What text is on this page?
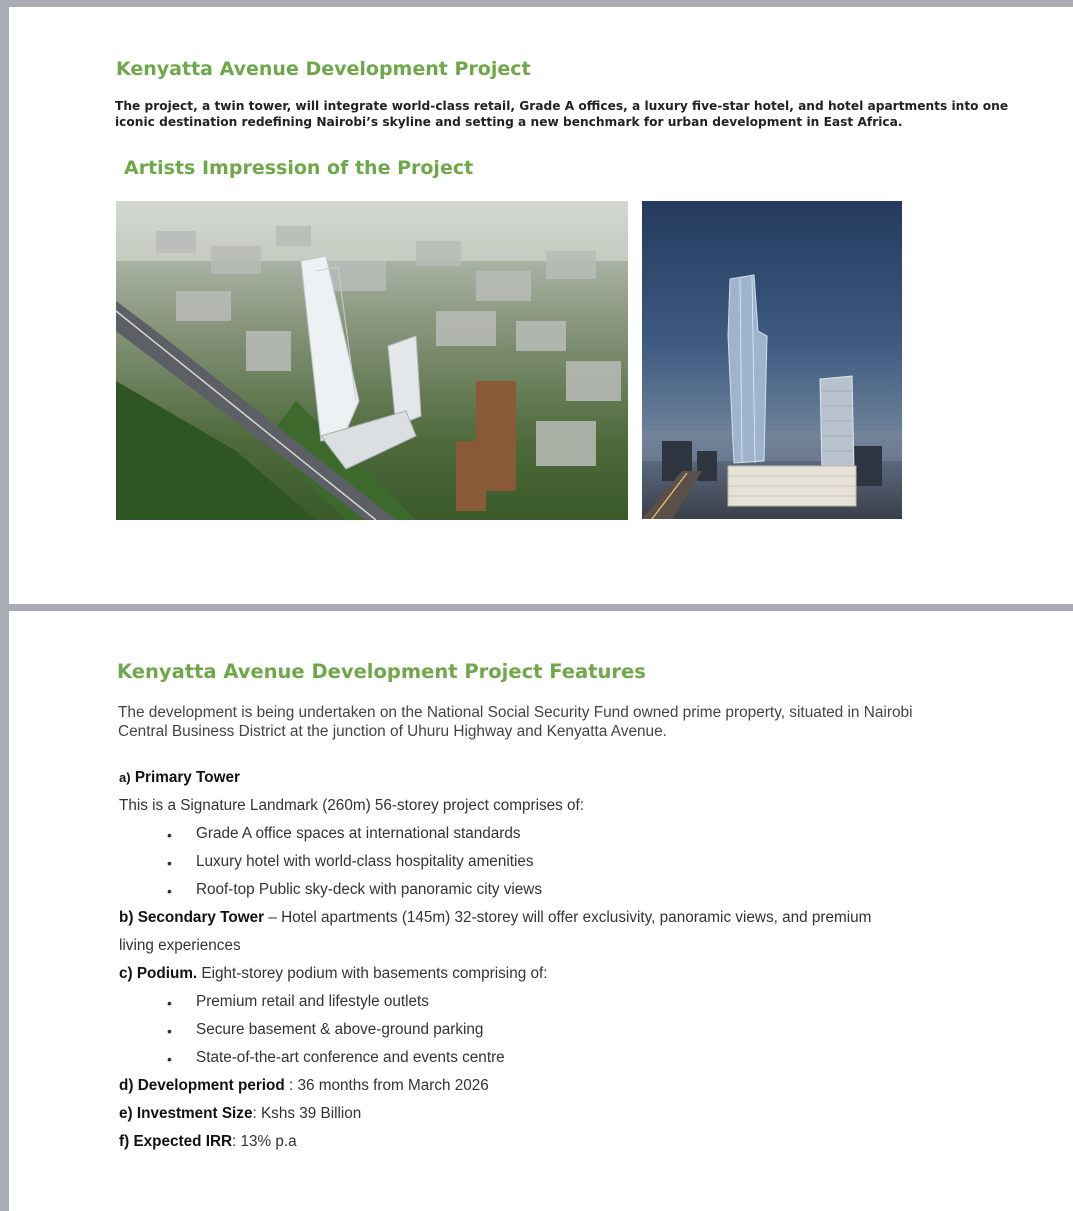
Kenyatta Avenue Development Project
The project, a twin tower, will integrate world-class retail, Grade A offices, a luxury five-star hotel, and hotel apartments into one
iconic destination redefining Nairobi’s skyline and setting a new benchmark for urban development in East Africa.
Artists Impression of the Project
Kenyatta Avenue Development Project Features
The development is being undertaken on the National Social Security Fund owned prime property, situated in Nairobi
Central Business District at the junction of Uhuru Highway and Kenyatta Avenue.
a) Primary Tower
This is a Signature Landmark (260m) 56-storey project comprises of:
• Grade A office spaces at international standards
• Luxury hotel with world-class hospitality amenities
• Roof-top Public sky-deck with panoramic city views
b) Secondary Tower – Hotel apartments (145m) 32-storey will offer exclusivity, panoramic views, and premium
living experiences
c) Podium. Eight-storey podium with basements comprising of:
• Premium retail and lifestyle outlets
• Secure basement & above-ground parking
• State-of-the-art conference and events centre
d) Development period : 36 months from March 2026
e) Investment Size: Kshs 39 Billion
f) Expected IRR: 13% p.a
